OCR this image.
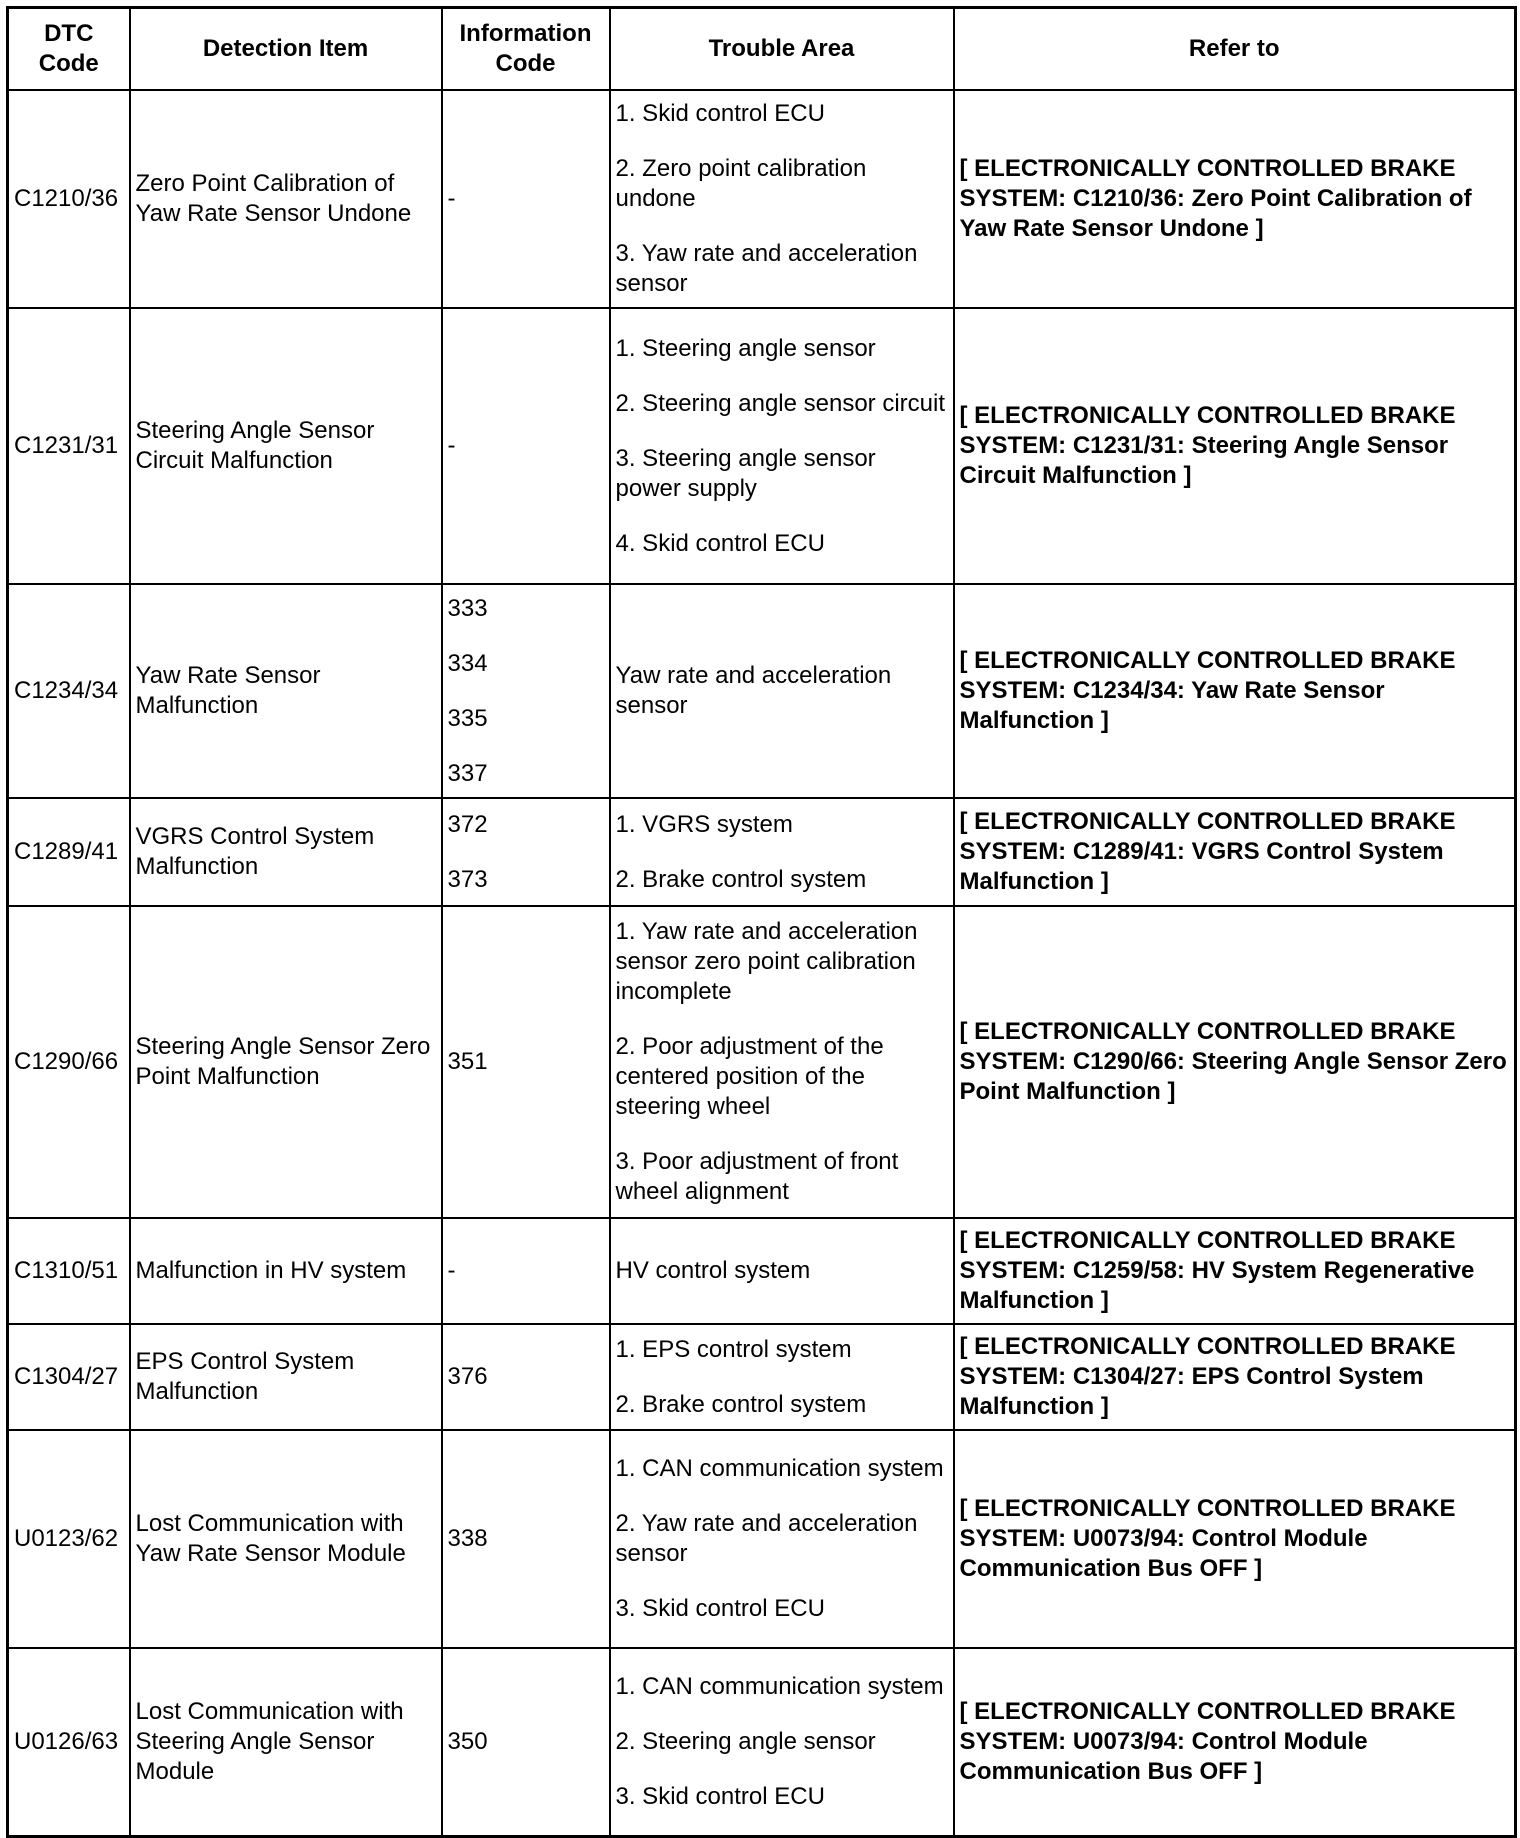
DTC Code	Detection Item	Information Code	Trouble Area	Refer to

C1210/36	Zero Point Calibration of Yaw Rate Sensor Undone	-	1. Skid control ECU
2. Zero point calibration undone
3. Yaw rate and acceleration sensor	[ ELECTRONICALLY CONTROLLED BRAKE SYSTEM: C1210/36: Zero Point Calibration of Yaw Rate Sensor Undone ]

C1231/31	Steering Angle Sensor Circuit Malfunction	-	1. Steering angle sensor
2. Steering angle sensor circuit
3. Steering angle sensor power supply
4. Skid control ECU	[ ELECTRONICALLY CONTROLLED BRAKE SYSTEM: C1231/31: Steering Angle Sensor Circuit Malfunction ]

C1234/34	Yaw Rate Sensor Malfunction	333
334
335
337	Yaw rate and acceleration sensor	[ ELECTRONICALLY CONTROLLED BRAKE SYSTEM: C1234/34: Yaw Rate Sensor Malfunction ]

C1289/41	VGRS Control System Malfunction	372
373	1. VGRS system
2. Brake control system	[ ELECTRONICALLY CONTROLLED BRAKE SYSTEM: C1289/41: VGRS Control System Malfunction ]

C1290/66	Steering Angle Sensor Zero Point Malfunction	351	1. Yaw rate and acceleration sensor zero point calibration incomplete
2. Poor adjustment of the centered position of the steering wheel
3. Poor adjustment of front wheel alignment	[ ELECTRONICALLY CONTROLLED BRAKE SYSTEM: C1290/66: Steering Angle Sensor Zero Point Malfunction ]

C1310/51	Malfunction in HV system	-	HV control system	[ ELECTRONICALLY CONTROLLED BRAKE SYSTEM: C1259/58: HV System Regenerative Malfunction ]

C1304/27	EPS Control System Malfunction	376	1. EPS control system
2. Brake control system	[ ELECTRONICALLY CONTROLLED BRAKE SYSTEM: C1304/27: EPS Control System Malfunction ]

U0123/62	Lost Communication with Yaw Rate Sensor Module	338	1. CAN communication system
2. Yaw rate and acceleration sensor
3. Skid control ECU	[ ELECTRONICALLY CONTROLLED BRAKE SYSTEM: U0073/94: Control Module Communication Bus OFF ]

U0126/63	Lost Communication with Steering Angle Sensor Module	350	1. CAN communication system
2. Steering angle sensor
3. Skid control ECU	[ ELECTRONICALLY CONTROLLED BRAKE SYSTEM: U0073/94: Control Module Communication Bus OFF ]
